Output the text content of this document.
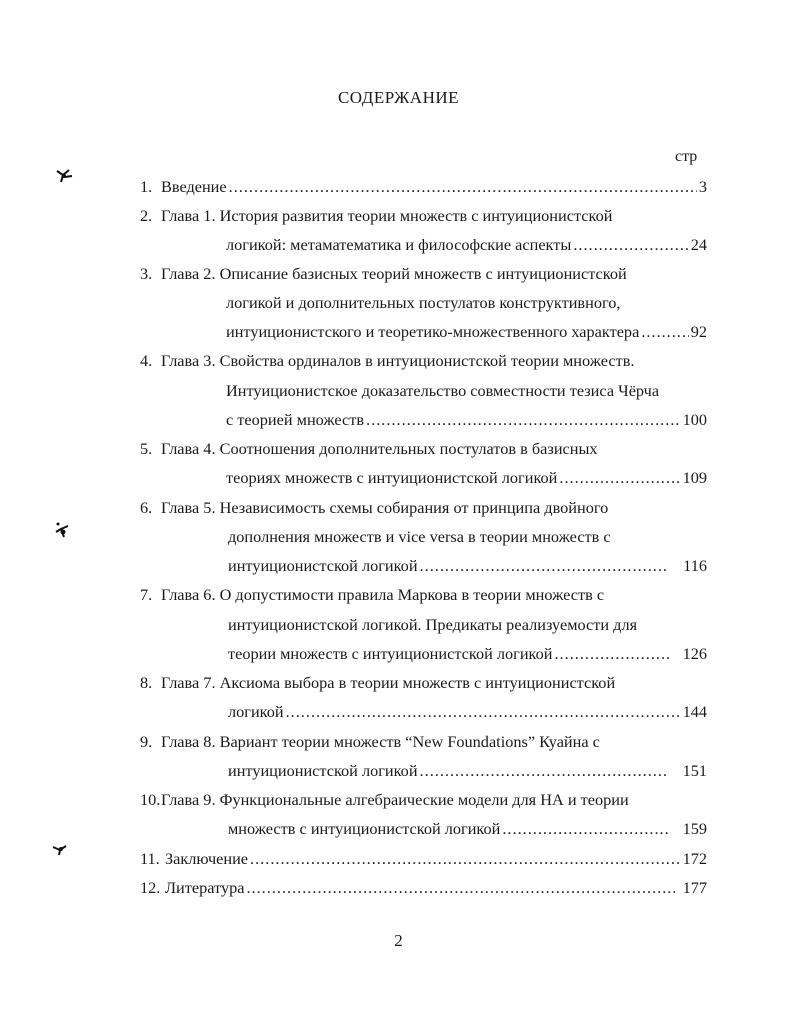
СОДЕРЖАНИЕ
стр
1. Введение .....	3
2. Глава 1. История развития теории множеств с интуиционистской
логикой: метаматематика и философские аспекты .....	24
3. Глава 2. Описание базисных теорий множеств с интуиционистской
логикой и дополнительных постулатов конструктивного,
интуиционистского и теоретико-множественного характера .....	92
4. Глава 3. Свойства ординалов в интуиционистской теории множеств.
Интуиционистское доказательство совместности тезиса Чёрча
с теорией множеств .....	100
5. Глава 4. Соотношения дополнительных постулатов в базисных
теориях множеств с интуиционистской логикой .....	109
6. Глава 5. Независимость схемы собирания от принципа двойного
дополнения множеств и vice versa в теории множеств с
интуиционистской логикой .....	116
7. Глава 6. О допустимости правила Маркова в теории множеств с
интуиционистской логикой. Предикаты реализуемости для
теории множеств с интуиционистской логикой .....	126
8. Глава 7. Аксиома выбора в теории множеств с интуиционистской
логикой .....	144
9. Глава 8. Вариант теории множеств “New Foundations” Куайна с
интуиционистской логикой .....	151
10. Глава 9. Функциональные алгебраические модели для НА и теории
множеств с интуиционистской логикой .....	159
11. Заключение .....	172
12. Литература .....	177
2
